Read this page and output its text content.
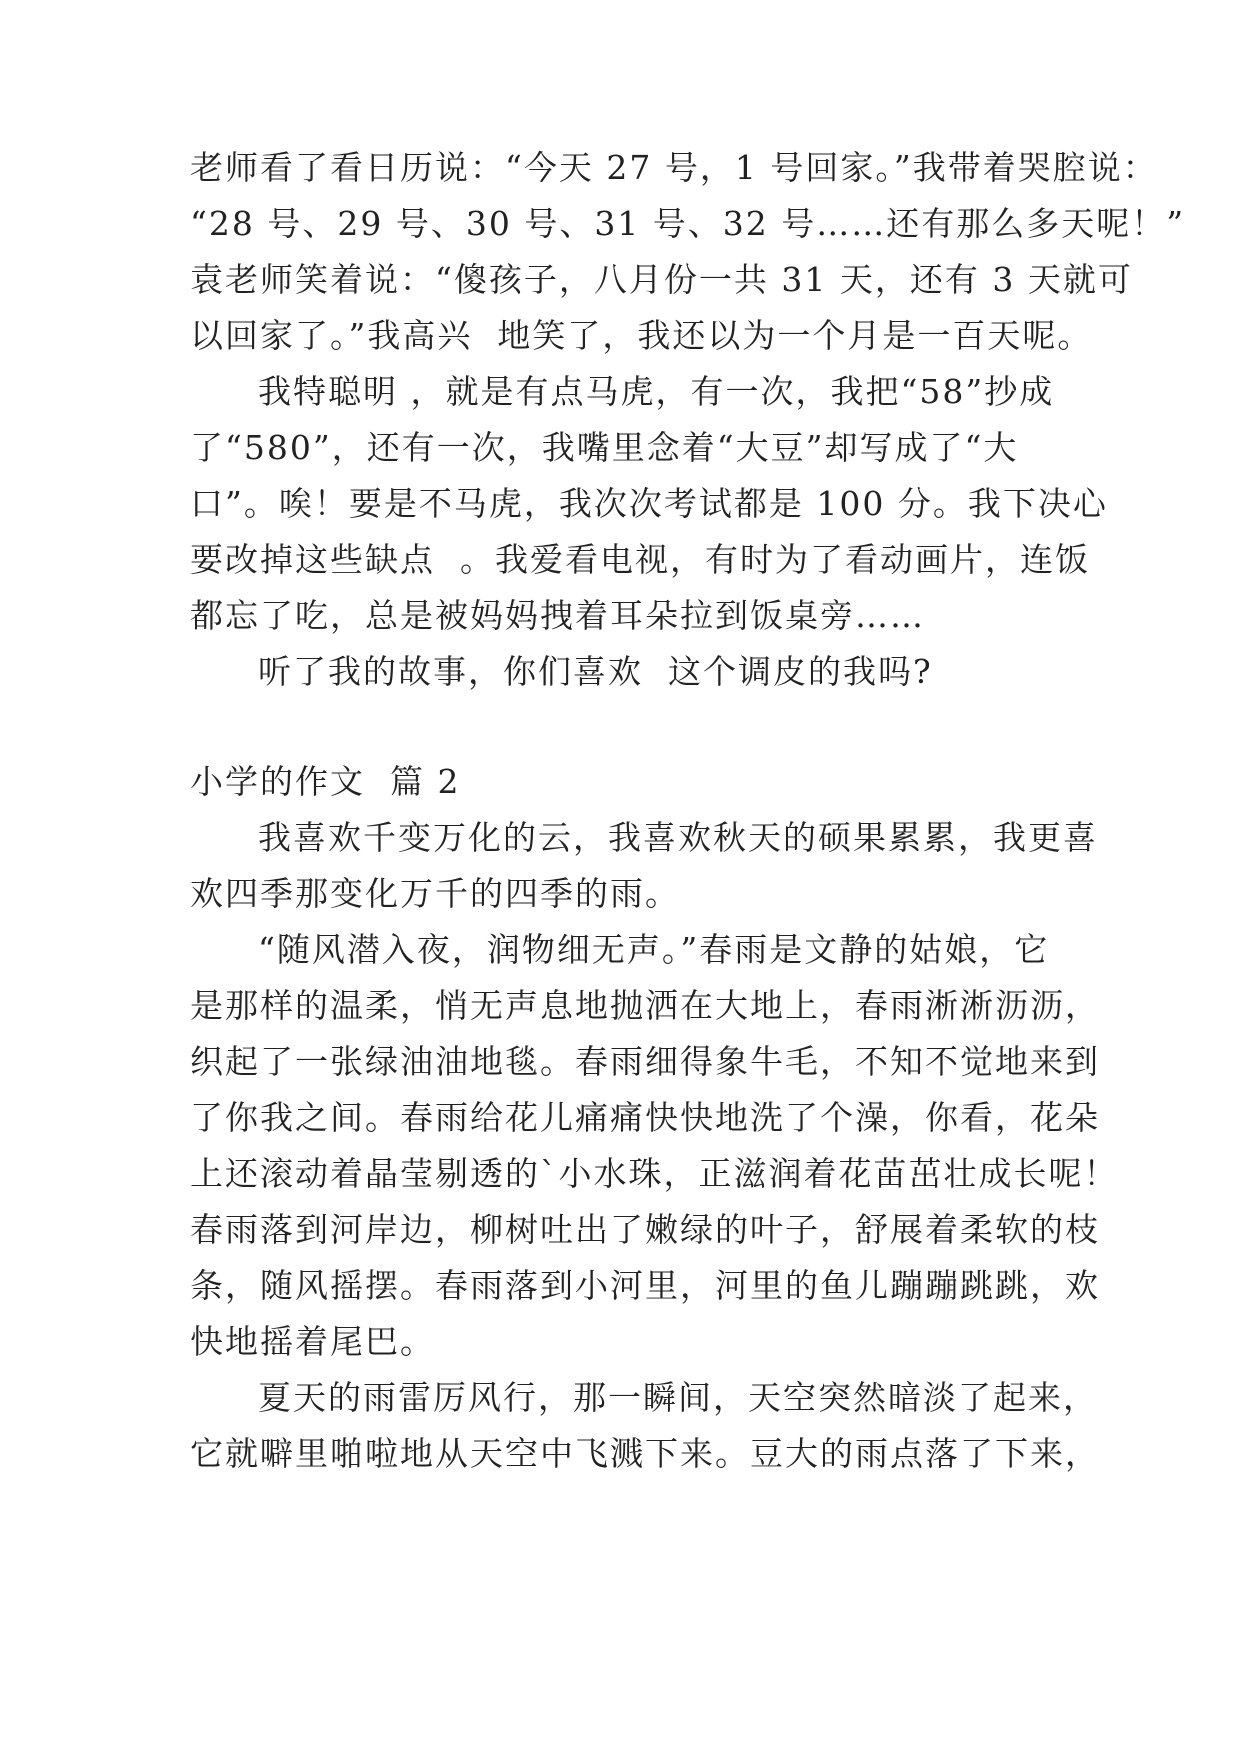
老师看了看日历说：“今天 27 号，1 号回家。”我带着哭腔说：
“28 号、29 号、30 号、31 号、32 号……还有那么多天呢！”
袁老师笑着说：“傻孩子，八月份一共 31 天，还有 3 天就可
以回家了。”我高兴  地笑了，我还以为一个月是一百天呢。
我特聪明 ，就是有点马虎，有一次，我把“58”抄成
了“580”，还有一次，我嘴里念着“大豆”却写成了“大
口”。唉！要是不马虎，我次次考试都是 100 分。我下决心
要改掉这些缺点  。我爱看电视，有时为了看动画片，连饭
都忘了吃，总是被妈妈拽着耳朵拉到饭桌旁……
听了我的故事，你们喜欢  这个调皮的我吗?
小学的作文  篇 2
我喜欢千变万化的云，我喜欢秋天的硕果累累，我更喜
欢四季那变化万千的四季的雨。
“随风潜入夜，润物细无声。”春雨是文静的姑娘，它
是那样的温柔，悄无声息地抛洒在大地上，春雨淅淅沥沥，
织起了一张绿油油地毯。春雨细得象牛毛，不知不觉地来到
了你我之间。春雨给花儿痛痛快快地洗了个澡，你看，花朵
上还滚动着晶莹剔透的`小水珠，正滋润着花苗茁壮成长呢！
春雨落到河岸边，柳树吐出了嫩绿的叶子，舒展着柔软的枝
条，随风摇摆。春雨落到小河里，河里的鱼儿蹦蹦跳跳，欢
快地摇着尾巴。
夏天的雨雷厉风行，那一瞬间，天空突然暗淡了起来，
它就噼里啪啦地从天空中飞溅下来。豆大的雨点落了下来，
